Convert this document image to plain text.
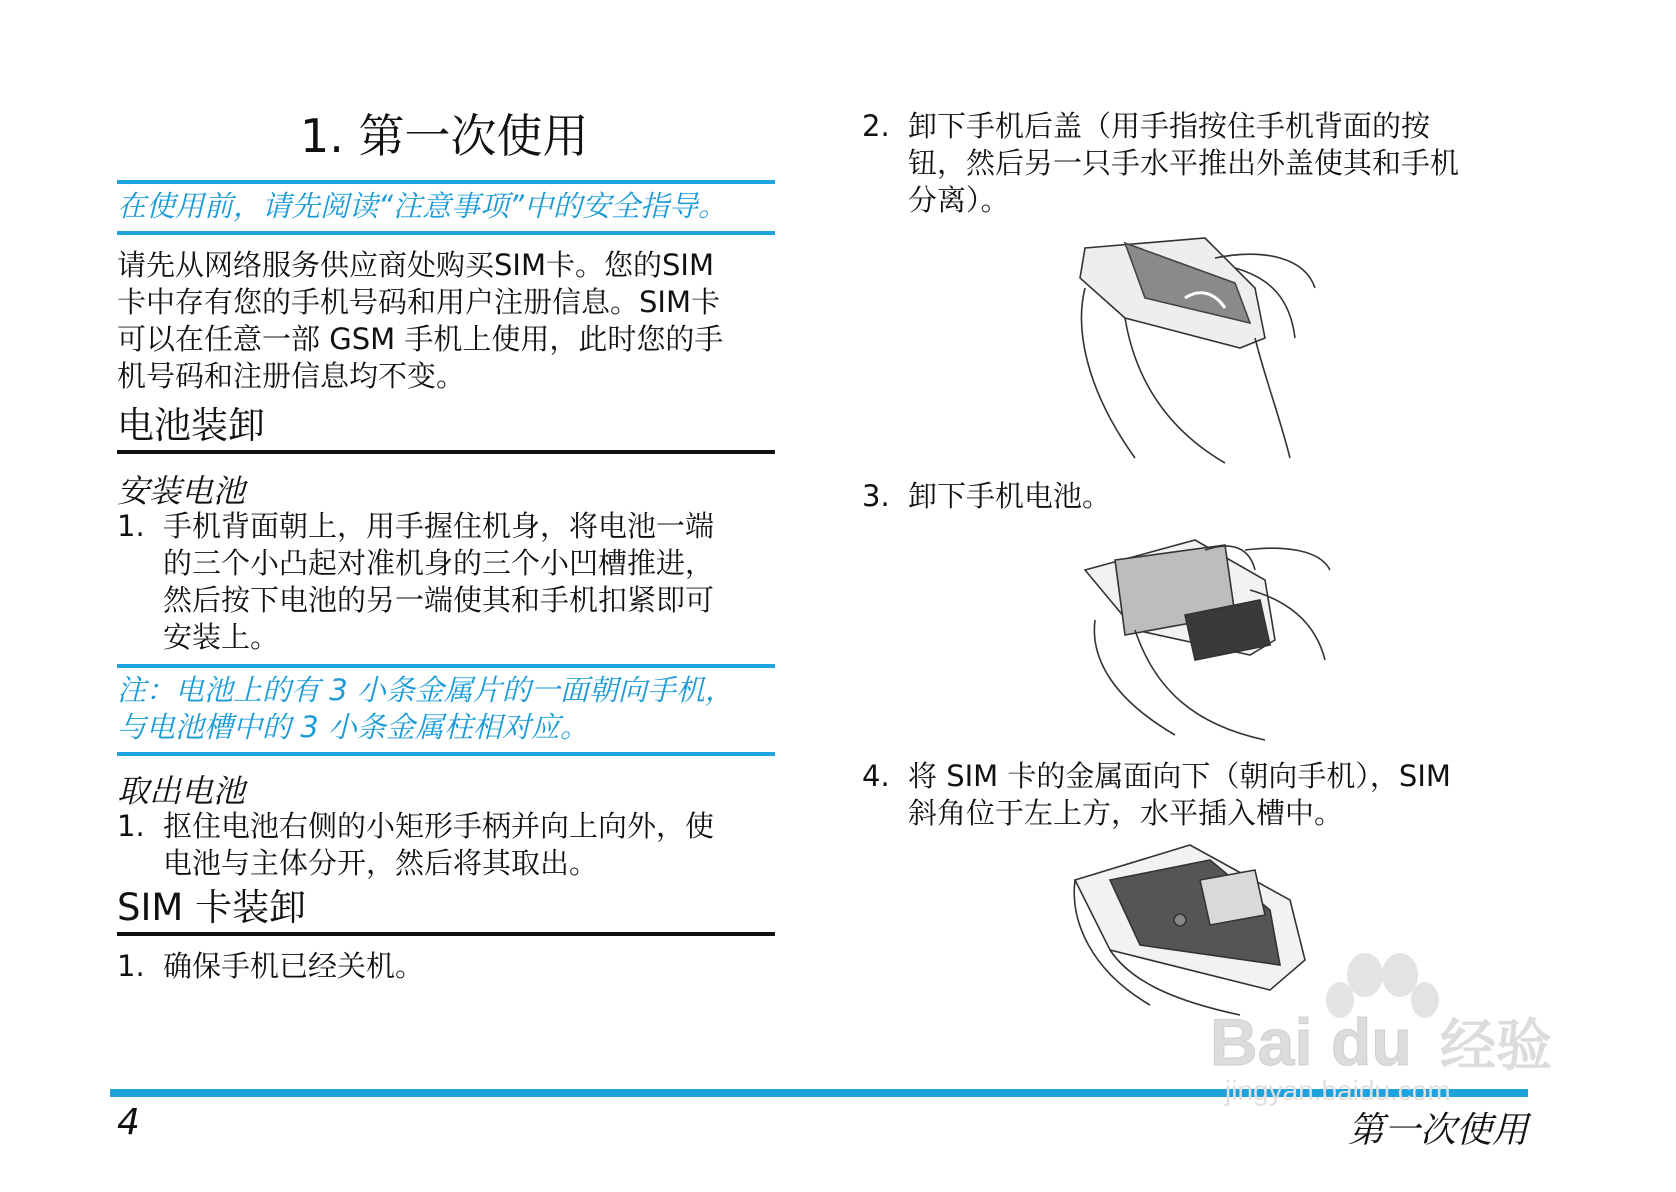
1. 第一次使用
在使用前，请先阅读“注意事项”中的安全指导。
请先从网络服务供应商处购买SIM卡。您的SIM
卡中存有您的手机号码和用户注册信息。SIM卡
可以在任意一部 GSM 手机上使用，此时您的手
机号码和注册信息均不变。
电池装卸
安装电池
1. 手机背面朝上，用手握住机身，将电池一端
的三个小凸起对准机身的三个小凹槽推进，
然后按下电池的另一端使其和手机扣紧即可
安装上。
注：电池上的有 3 小条金属片的一面朝向手机，
与电池槽中的 3 小条金属柱相对应。
取出电池
1. 抠住电池右侧的小矩形手柄并向上向外，使
电池与主体分开，然后将其取出。
SIM 卡装卸
1. 确保手机已经关机。
2. 卸下手机后盖（用手指按住手机背面的按
钮，然后另一只手水平推出外盖使其和手机
分离）。
3. 卸下手机电池。
4. 将 SIM 卡的金属面向下（朝向手机），SIM
斜角位于左上方，水平插入槽中。
4	第一次使用
Bai du 经验
jingyan.baidu.com
